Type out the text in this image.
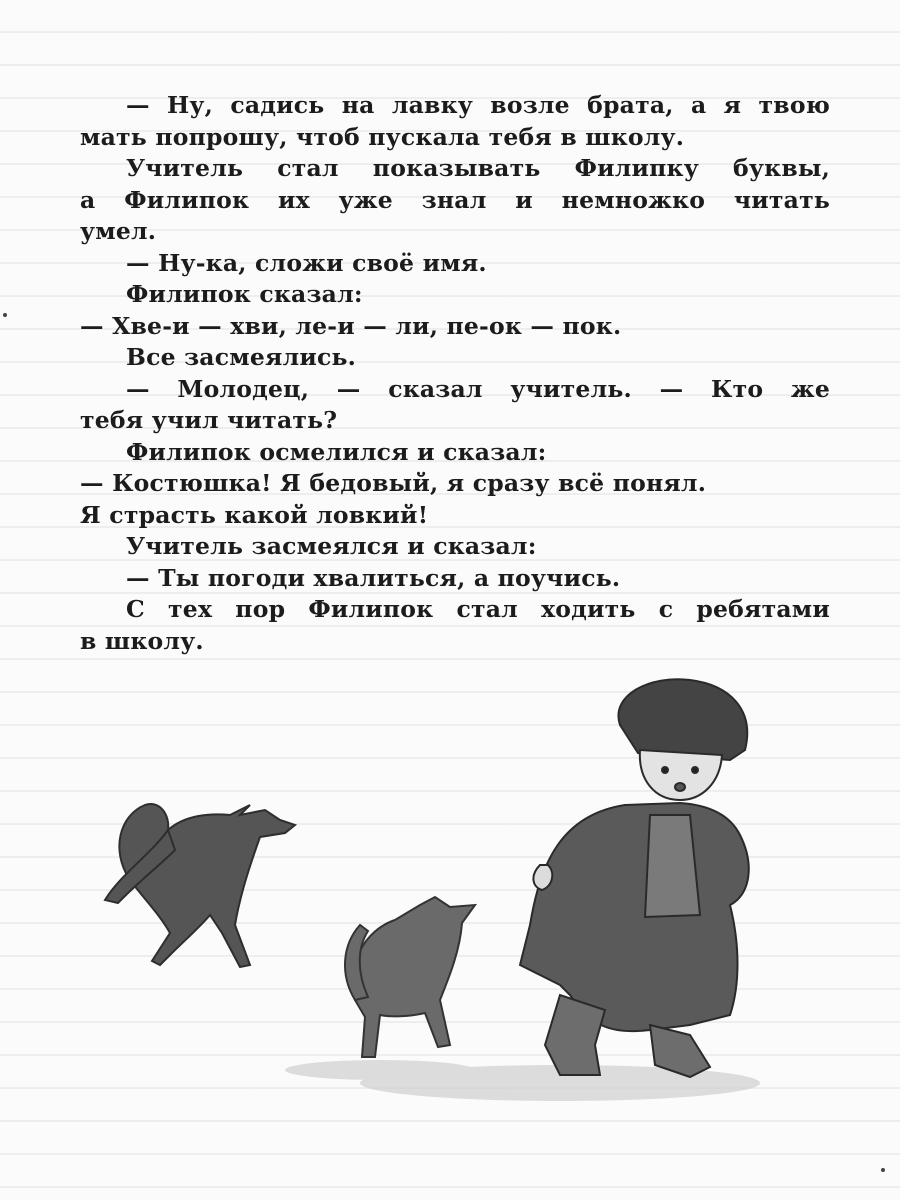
— Ну, садись на лавку возле брата, а я твою
мать попрошу, чтоб пускала тебя в школу.
Учитель стал показывать Филипку буквы,
а Филипок их уже знал и немножко читать
умел.
— Ну-ка, сложи своё имя.
Филипок сказал:
— Хве-и — хви, ле-и — ли, пе-ок — пок.
Все засмеялись.
— Молодец, — сказал учитель. — Кто же
тебя учил читать?
Филипок осмелился и сказал:
— Костюшка! Я бедовый, я сразу всё понял.
Я страсть какой ловкий!
Учитель засмеялся и сказал:
— Ты погоди хвалиться, а поучись.
С тех пор Филипок стал ходить с ребятами
в школу.
